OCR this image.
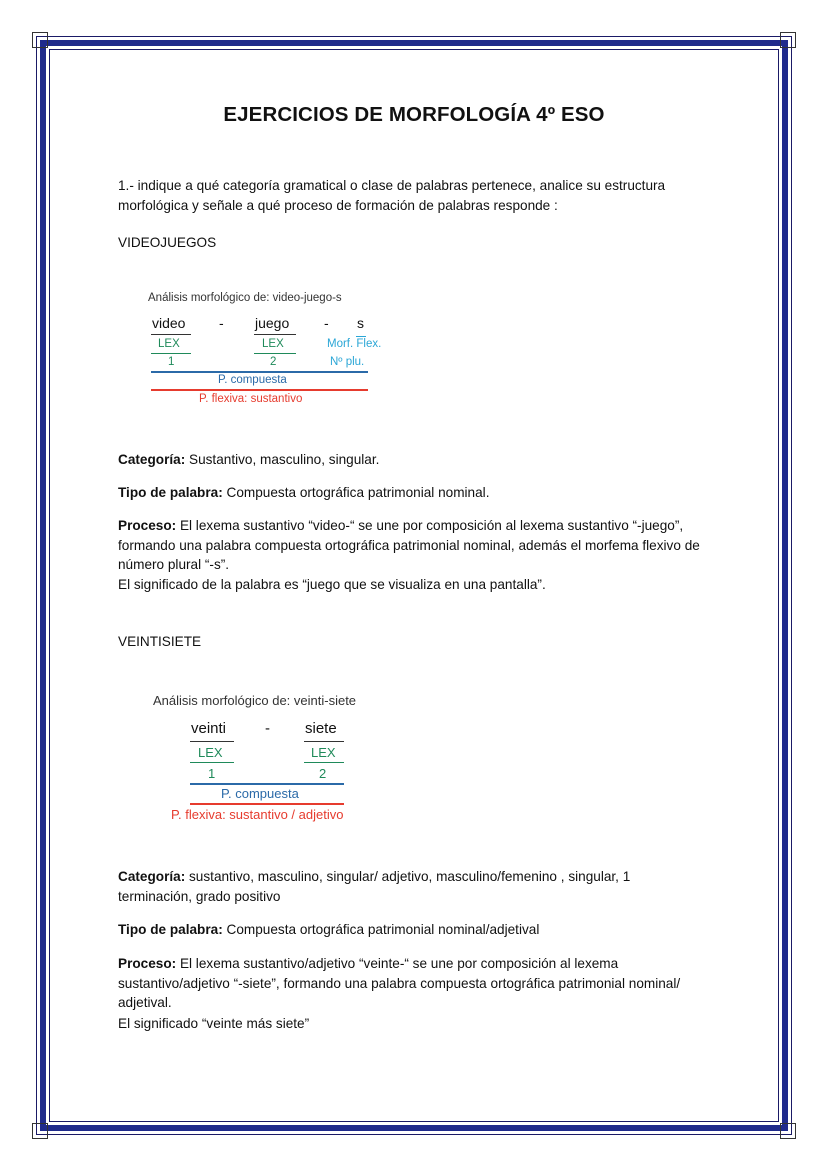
EJERCICIOS DE MORFOLOGÍA 4º ESO
1.- indique a qué categoría gramatical o clase de palabras pertenece, analice su estructura morfológica y señale a qué proceso de formación de palabras responde :
VIDEOJUEGOS
Análisis morfológico de: video-juego-s
video - juego - s
LEX	LEX	Morf. Flex.
1	2	Nº plu.
P. compuesta
P. flexiva: sustantivo
Categoría: Sustantivo, masculino, singular.
Tipo de palabra: Compuesta ortográfica patrimonial nominal.
Proceso: El lexema sustantivo “video-“ se une por composición al lexema sustantivo “-juego”, formando una palabra compuesta ortográfica patrimonial nominal, además el morfema flexivo de número plural “-s”.
El significado de la palabra es “juego que se visualiza en una pantalla”.
VEINTISIETE
Análisis morfológico de: veinti-siete
veinti	- siete
LEX	LEX
1	2
P. compuesta
P. flexiva: sustantivo / adjetivo
Categoría: sustantivo, masculino, singular/ adjetivo, masculino/femenino , singular, 1 terminación, grado positivo
Tipo de palabra: Compuesta ortográfica patrimonial nominal/adjetival
Proceso: El lexema sustantivo/adjetivo “veinte-“ se une por composición al lexema sustantivo/adjetivo “-siete”, formando una palabra compuesta ortográfica patrimonial nominal/ adjetival.
El significado “veinte más siete”
